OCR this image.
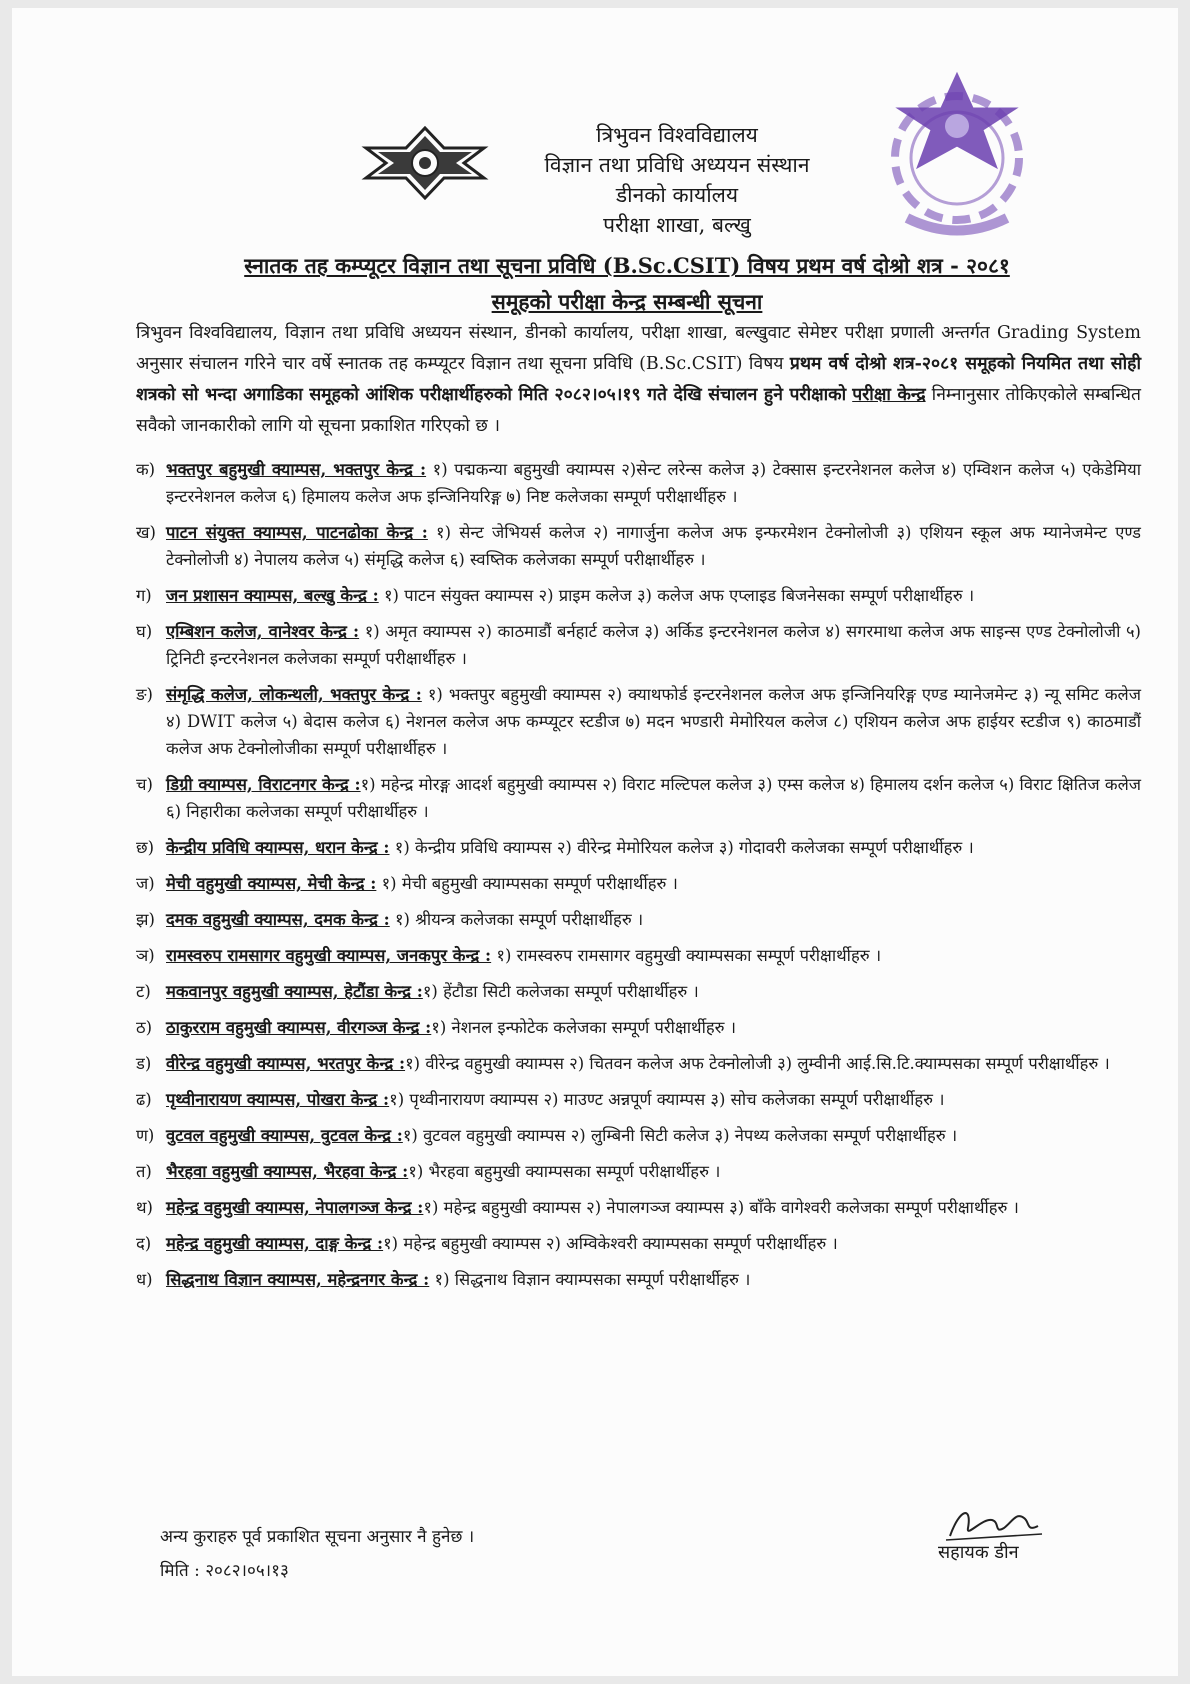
त्रिभुवन विश्वविद्यालय
विज्ञान तथा प्रविधि अध्ययन संस्थान
डीनको कार्यालय
परीक्षा शाखा, बल्खु
स्नातक तह कम्प्यूटर विज्ञान तथा सूचना प्रविधि (B.Sc.CSIT) विषय प्रथम वर्ष दोश्रो शत्र - २०८१
समूहको परीक्षा केन्द्र सम्बन्धी सूचना
त्रिभुवन विश्वविद्यालय, विज्ञान तथा प्रविधि अध्ययन संस्थान, डीनको कार्यालय, परीक्षा शाखा, बल्खुवाट सेमेष्टर परीक्षा प्रणाली अन्तर्गत Grading System अनुसार संचालन गरिने चार वर्षे स्नातक तह कम्प्यूटर विज्ञान तथा सूचना प्रविधि (B.Sc.CSIT) विषय प्रथम वर्ष दोश्रो शत्र-२०८१ समूहको नियमित तथा सोही शत्रको सो भन्दा अगाडिका समूहको आंशिक परीक्षार्थीहरुको मिति २०८२।०५।१९ गते देखि संचालन हुने परीक्षाको परीक्षा केन्द्र निम्नानुसार तोकिएकोले सम्बन्धित सवैको जानकारीको लागि यो सूचना प्रकाशित गरिएको छ ।
क) भक्तपुर बहुमुखी क्याम्पस, भक्तपुर केन्द्र : १) पद्मकन्या बहुमुखी क्याम्पस २)सेन्ट लरेन्स कलेज ३) टेक्सास इन्टरनेशनल कलेज ४) एम्विशन कलेज ५) एकेडेमिया इन्टरनेशनल कलेज ६) हिमालय कलेज अफ इन्जिनियरिङ्ग ७) निष्ट कलेजका सम्पूर्ण परीक्षार्थीहरु ।
ख) पाटन संयुक्त क्याम्पस, पाटनढोका केन्द्र : १) सेन्ट जेभियर्स कलेज २) नागार्जुना कलेज अफ इन्फरमेशन टेक्नोलोजी ३) एशियन स्कूल अफ म्यानेजमेन्ट एण्ड टेक्नोलोजी ४) नेपालय कलेज ५) संमृद्धि कलेज ६) स्वष्तिक कलेजका सम्पूर्ण परीक्षार्थीहरु ।
ग) जन प्रशासन क्याम्पस, बल्खु केन्द्र : १) पाटन संयुक्त क्याम्पस २) प्राइम कलेज ३) कलेज अफ एप्लाइड बिजनेसका सम्पूर्ण परीक्षार्थीहरु ।
घ) एम्बिशन कलेज, वानेश्वर केन्द्र : १) अमृत क्याम्पस २) काठमाडौं बर्नहार्ट कलेज ३) अर्किड इन्टरनेशनल कलेज ४) सगरमाथा कलेज अफ साइन्स एण्ड टेक्नोलोजी ५) ट्रिनिटी इन्टरनेशनल कलेजका सम्पूर्ण परीक्षार्थीहरु ।
ङ) संमृद्धि कलेज, लोकन्थली, भक्तपुर केन्द्र : १) भक्तपुर बहुमुखी क्याम्पस २) क्याथफोर्ड इन्टरनेशनल कलेज अफ इन्जिनियरिङ्ग एण्ड म्यानेजमेन्ट ३) न्यू समिट कलेज ४) DWIT कलेज ५) बेदास कलेज ६) नेशनल कलेज अफ कम्प्यूटर स्टडीज ७) मदन भण्डारी मेमोरियल कलेज ८) एशियन कलेज अफ हाईयर स्टडीज ९) काठमाडौं कलेज अफ टेक्नोलोजीका सम्पूर्ण परीक्षार्थीहरु ।
च) डिग्री क्याम्पस, विराटनगर केन्द्र :१) महेन्द्र मोरङ्ग आदर्श बहुमुखी क्याम्पस २) विराट मल्टिपल कलेज ३) एम्स कलेज ४) हिमालय दर्शन कलेज ५) विराट क्षितिज कलेज ६) निहारीका कलेजका सम्पूर्ण परीक्षार्थीहरु ।
छ) केन्द्रीय प्रविधि क्याम्पस, धरान केन्द्र : १) केन्द्रीय प्रविधि क्याम्पस २) वीरेन्द्र मेमोरियल कलेज ३) गोदावरी कलेजका सम्पूर्ण परीक्षार्थीहरु ।
ज) मेची वहुमुखी क्याम्पस, मेची केन्द्र : १) मेची बहुमुखी क्याम्पसका सम्पूर्ण परीक्षार्थीहरु ।
झ) दमक वहुमुखी क्याम्पस, दमक केन्द्र : १) श्रीयन्त्र कलेजका सम्पूर्ण परीक्षार्थीहरु ।
ञ) रामस्वरुप रामसागर वहुमुखी क्याम्पस, जनकपुर केन्द्र : १) रामस्वरुप रामसागर वहुमुखी क्याम्पसका सम्पूर्ण परीक्षार्थीहरु ।
ट) मकवानपुर वहुमुखी क्याम्पस, हेटौंडा केन्द्र :१) हेंटौडा सिटी कलेजका सम्पूर्ण परीक्षार्थीहरु ।
ठ) ठाकुरराम वहुमुखी क्याम्पस, वीरगञ्ज केन्द्र :१) नेशनल इन्फोटेक कलेजका सम्पूर्ण परीक्षार्थीहरु ।
ड) वीरेन्द्र वहुमुखी क्याम्पस, भरतपुर केन्द्र :१) वीरेन्द्र वहुमुखी क्याम्पस २) चितवन कलेज अफ टेक्नोलोजी ३) लुम्वीनी आई.सि.टि.क्याम्पसका सम्पूर्ण परीक्षार्थीहरु ।
ढ) पृथ्वीनारायण क्याम्पस, पोखरा केन्द्र :१) पृथ्वीनारायण क्याम्पस २) माउण्ट अन्नपूर्ण क्याम्पस ३) सोच कलेजका सम्पूर्ण परीक्षार्थीहरु ।
ण) वुटवल वहुमुखी क्याम्पस, वुटवल केन्द्र :१) वुटवल वहुमुखी क्याम्पस २) लुम्बिनी सिटी कलेज ३) नेपथ्य कलेजका सम्पूर्ण परीक्षार्थीहरु ।
त) भैरहवा वहुमुखी क्याम्पस, भैरहवा केन्द्र :१) भैरहवा बहुमुखी क्याम्पसका सम्पूर्ण परीक्षार्थीहरु ।
थ) महेन्द्र वहुमुखी क्याम्पस, नेपालगञ्ज केन्द्र :१) महेन्द्र बहुमुखी क्याम्पस २) नेपालगञ्ज क्याम्पस ३) बाँके वागेश्वरी कलेजका सम्पूर्ण परीक्षार्थीहरु ।
द) महेन्द्र वहुमुखी क्याम्पस, दाङ्ग केन्द्र :१) महेन्द्र बहुमुखी क्याम्पस २) अम्विकेश्वरी क्याम्पसका सम्पूर्ण परीक्षार्थीहरु ।
ध) सिद्धनाथ विज्ञान क्याम्पस, महेन्द्रनगर केन्द्र : १) सिद्धनाथ विज्ञान क्याम्पसका सम्पूर्ण परीक्षार्थीहरु ।
अन्य कुराहरु पूर्व प्रकाशित सूचना अनुसार नै हुनेछ ।
मिति : २०८२।०५।१३
सहायक डीन
